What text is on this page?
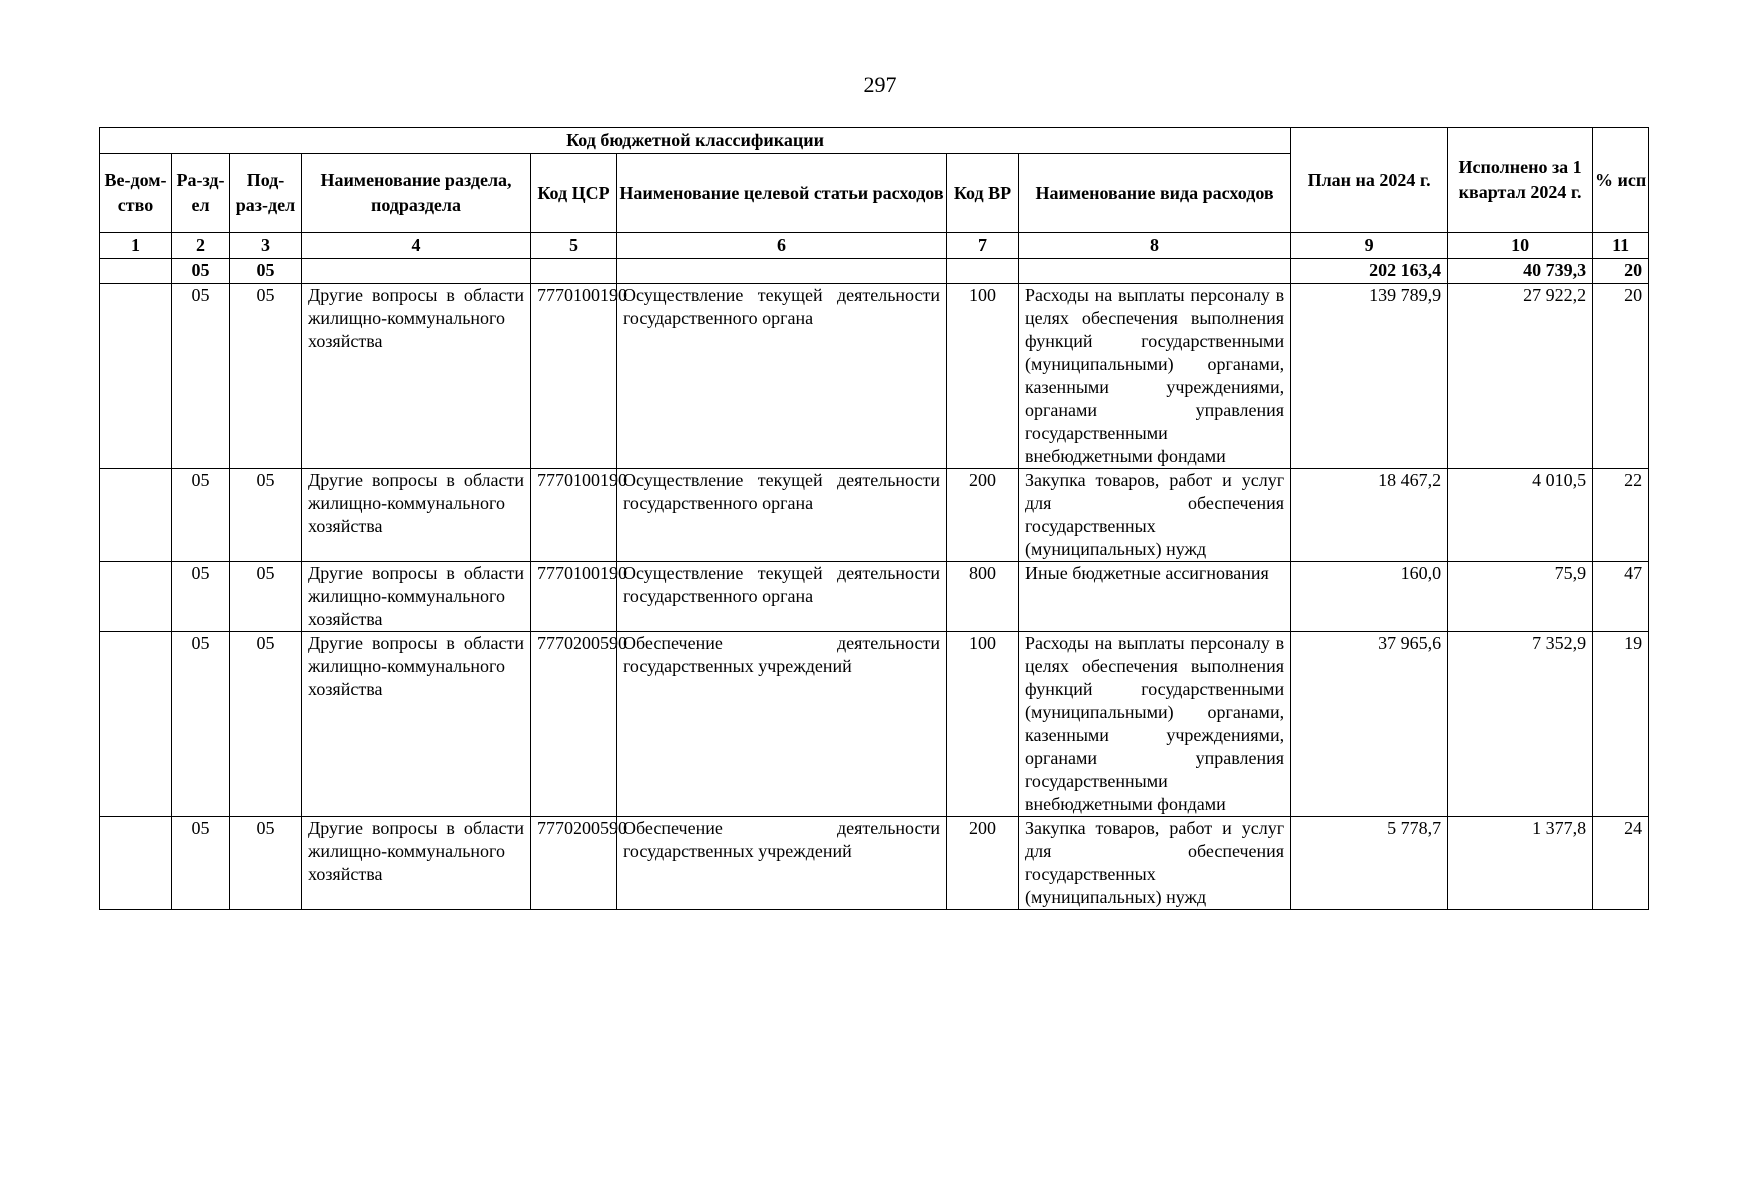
297
Код бюджетной классификации								План на 2024 г.	Исполнено за 1 квартал 2024 г.	% исп
Ве-дом-ство	Ра-зд-ел	Под-раз-дел	Наименование раздела, подраздела	Код ЦСР	Наименование целевой статьи расходов	Код ВР	Наименование вида расходов			
1	2	3	4	5	6	7	8	9	10	11
	05	05						202 163,4	40 739,3	20
	05	05	Другие вопросы в области жилищно-коммунального хозяйства	7770100190	Осуществление текущей деятельности государственного органа	100	Расходы на выплаты персоналу в целях обеспечения выполнения функций государственными (муниципальными) органами, казенными учреждениями, органами управления государственными внебюджетными фондами	139 789,9	27 922,2	20
	05	05	Другие вопросы в области жилищно-коммунального хозяйства	7770100190	Осуществление текущей деятельности государственного органа	200	Закупка товаров, работ и услуг для обеспечения государственных (муниципальных) нужд	18 467,2	4 010,5	22
	05	05	Другие вопросы в области жилищно-коммунального хозяйства	7770100190	Осуществление текущей деятельности государственного органа	800	Иные бюджетные ассигнования	160,0	75,9	47
	05	05	Другие вопросы в области жилищно-коммунального хозяйства	7770200590	Обеспечение деятельности государственных учреждений	100	Расходы на выплаты персоналу в целях обеспечения выполнения функций государственными (муниципальными) органами, казенными учреждениями, органами управления государственными внебюджетными фондами	37 965,6	7 352,9	19
	05	05	Другие вопросы в области жилищно-коммунального хозяйства	7770200590	Обеспечение деятельности государственных учреждений	200	Закупка товаров, работ и услуг для обеспечения государственных (муниципальных) нужд	5 778,7	1 377,8	24
